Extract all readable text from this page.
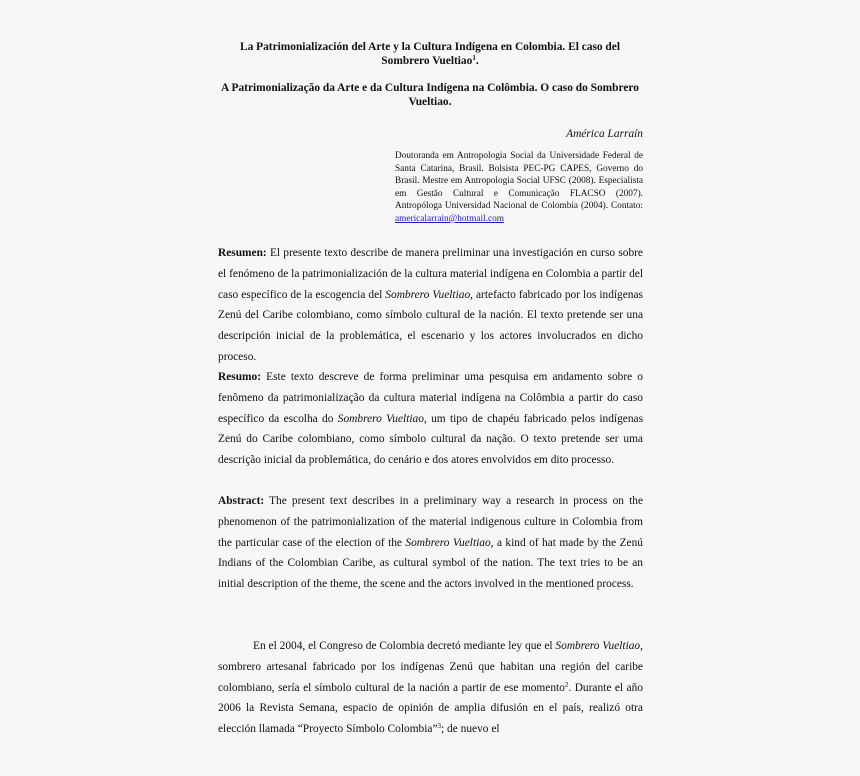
La Patrimonialización del Arte y la Cultura Indígena en Colombia. El caso del Sombrero Vueltiao$^1$.
A Patrimonialização da Arte e da Cultura Indígena na Colômbia. O caso do Sombrero Vueltiao.
América Larraín
Doutoranda em Antropologia Social da Universidade Federal de Santa Catarina, Brasil. Bolsista PEC-PG CAPES, Governo do Brasil. Mestre em Antropologia Social UFSC (2008). Especialista em Gestão Cultural e Comunicação FLACSO (2007). Antropóloga Universidad Nacional de Colombia (2004). Contato: americalarrain@hotmail.com
Resumen: El presente texto describe de manera preliminar una investigación en curso sobre el fenómeno de la patrimonialización de la cultura material indígena en Colombia a partir del caso específico de la escogencia del Sombrero Vueltiao, artefacto fabricado por los indígenas Zenú del Caribe colombiano, como símbolo cultural de la nación. El texto pretende ser una descripción inicial de la problemática, el escenario y los actores involucrados en dicho proceso.
Resumo: Este texto descreve de forma preliminar uma pesquisa em andamento sobre o fenômeno da patrimonialização da cultura material indígena na Colômbia a partir do caso específico da escolha do Sombrero Vueltiao, um tipo de chapéu fabricado pelos indígenas Zenú do Caribe colombiano, como símbolo cultural da nação. O texto pretende ser uma descrição inicial da problemática, do cenário e dos atores envolvidos em dito processo.
Abstract: The present text describes in a preliminary way a research in process on the phenomenon of the patrimonialization of the material indigenous culture in Colombia from the particular case of the election of the Sombrero Vueltiao, a kind of hat made by the Zenú Indians of the Colombian Caribe, as cultural symbol of the nation. The text tries to be an initial description of the theme, the scene and the actors involved in the mentioned process.
En el 2004, el Congreso de Colombia decretó mediante ley que el Sombrero Vueltiao, sombrero artesanal fabricado por los indígenas Zenú que habitan una región del caribe colombiano, sería el símbolo cultural de la nación a partir de ese momento$^2$. Durante el año 2006 la Revista Semana, espacio de opinión de amplia difusión en el país, realizó otra elección llamada “Proyecto Símbolo Colombia”$^3$; de nuevo el
